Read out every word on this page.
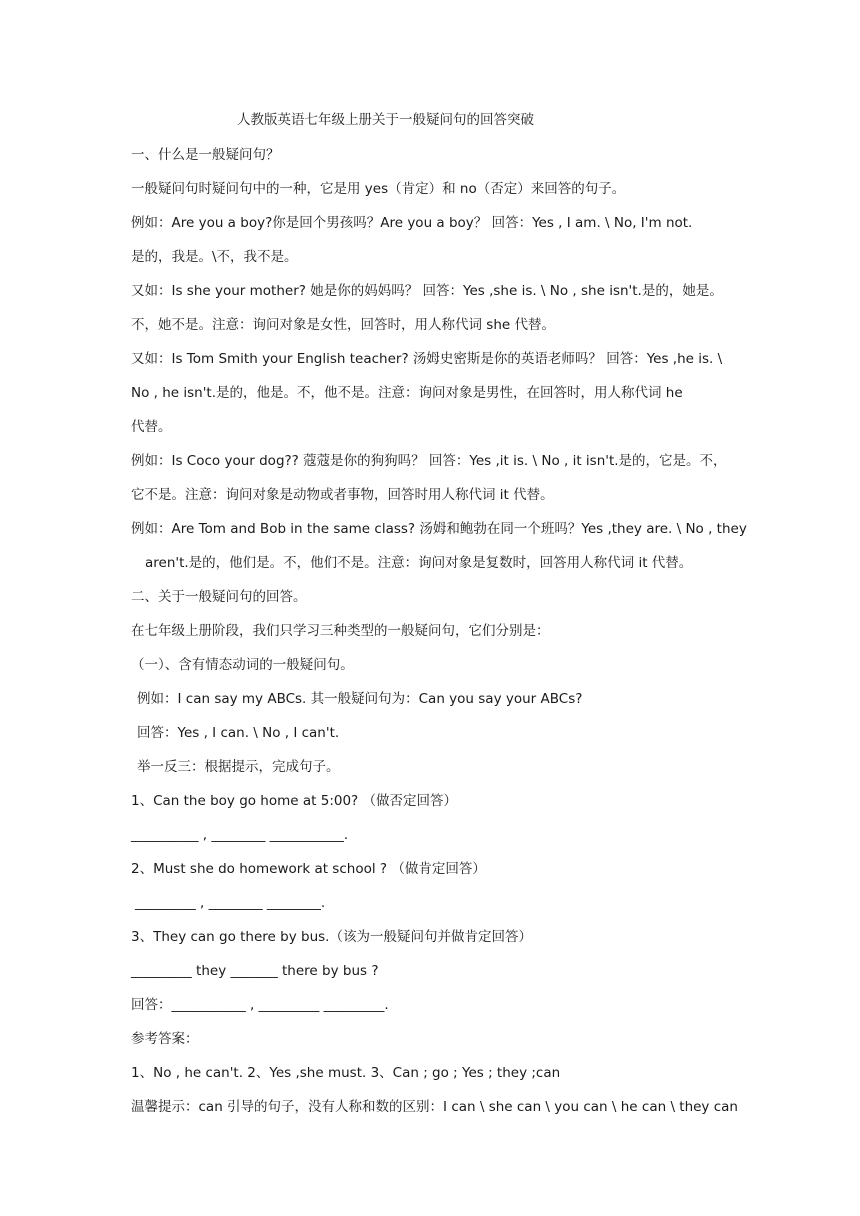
人教版英语七年级上册关于一般疑问句的回答突破
一、什么是一般疑问句？
一般疑问句时疑问句中的一种，它是用 yes（肯定）和 no（否定）来回答的句子。
例如：Are you a boy?你是回个男孩吗？Are you a boy？ 回答：Yes , I am. \ No, I'm not.
是的，我是。\不，我不是。
又如：Is she your mother? 她是你的妈妈吗？ 回答：Yes ,she is. \ No , she isn't.是的，她是。
不，她不是。注意：询问对象是女性，回答时，用人称代词 she 代替。
又如：Is Tom Smith your English teacher? 汤姆史密斯是你的英语老师吗？ 回答：Yes ,he is. \
No , he isn't.是的，他是。不，他不是。注意：询问对象是男性，在回答时，用人称代词 he
代替。
例如：Is Coco your dog?? 蔻蔻是你的狗狗吗？ 回答：Yes ,it is. \ No , it isn't.是的，它是。不，
它不是。注意：询问对象是动物或者事物，回答时用人称代词 it 代替。
例如：Are Tom and Bob in the same class? 汤姆和鲍勃在同一个班吗？Yes ,they are. \ No , they
aren't.是的，他们是。不，他们不是。注意：询问对象是复数时，回答用人称代词 it 代替。
二、关于一般疑问句的回答。
在七年级上册阶段，我们只学习三种类型的一般疑问句，它们分别是：
（一）、含有情态动词的一般疑问句。
例如：I can say my ABCs. 其一般疑问句为：Can you say your ABCs?
回答：Yes , I can. \ No , I can't.
举一反三：根据提示，完成句子。
1、Can the boy go home at 5:00? （做否定回答）
__________ , ________ ___________.
2、Must she do homework at school ? （做肯定回答）
_________ , ________ ________.
3、They can go there by bus.（该为一般疑问句并做肯定回答）
_________ they _______ there by bus ?
回答：___________ , _________ _________.
参考答案：
1、No , he can't. 2、Yes ,she must. 3、Can ; go ; Yes ; they ;can
温馨提示：can 引导的句子，没有人称和数的区别：I can \ she can \ you can \ he can \ they can
